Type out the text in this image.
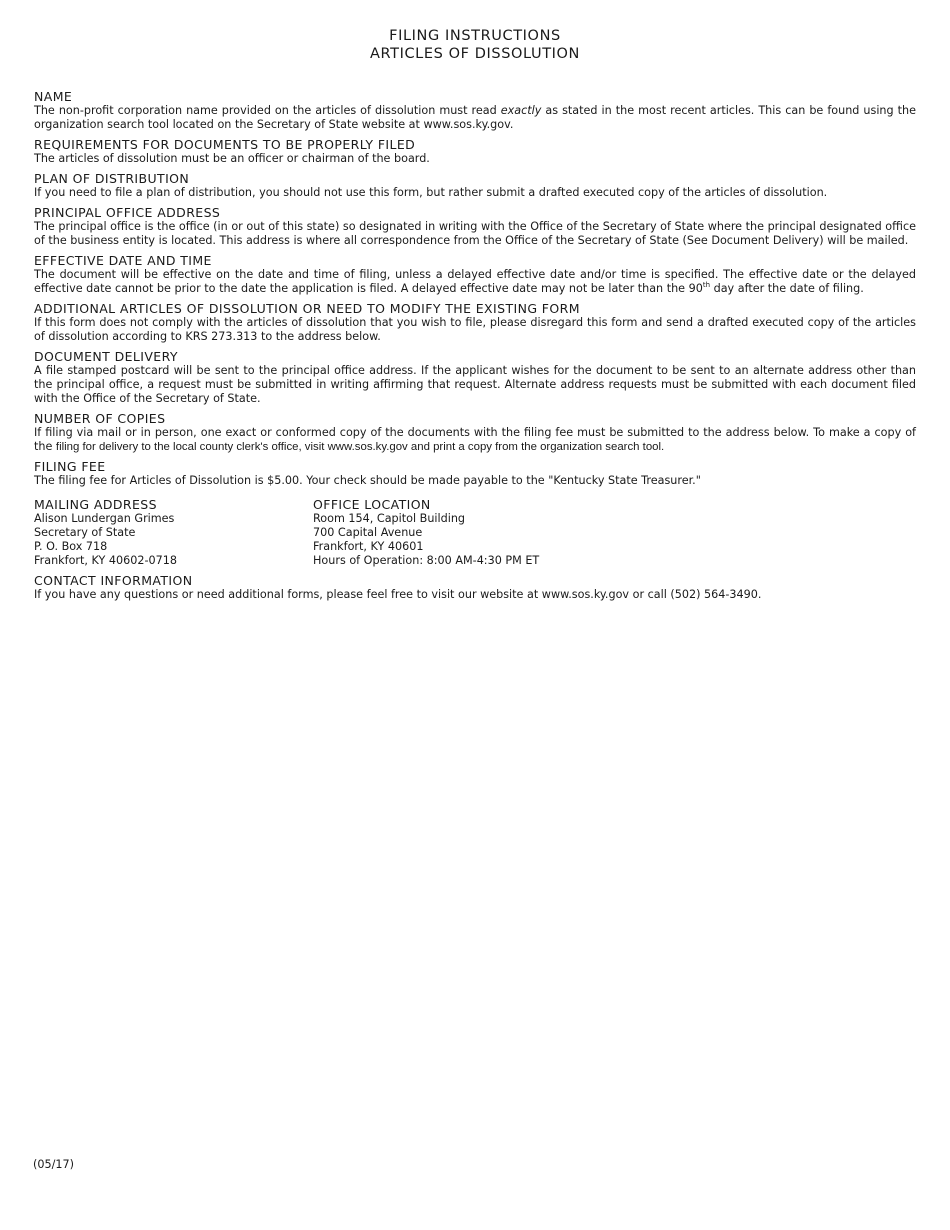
FILING INSTRUCTIONS
ARTICLES OF DISSOLUTION
NAME
The non-profit corporation name provided on the articles of dissolution must read exactly as stated in the most recent articles. This can be found using the organization search tool located on the Secretary of State website at www.sos.ky.gov.
REQUIREMENTS FOR DOCUMENTS TO BE PROPERLY FILED
The articles of dissolution must be an officer or chairman of the board.
PLAN OF DISTRIBUTION
If you need to file a plan of distribution, you should not use this form, but rather submit a drafted executed copy of the articles of dissolution.
PRINCIPAL OFFICE ADDRESS
The principal office is the office (in or out of this state) so designated in writing with the Office of the Secretary of State where the principal designated office of the business entity is located. This address is where all correspondence from the Office of the Secretary of State (See Document Delivery) will be mailed.
EFFECTIVE DATE AND TIME
The document will be effective on the date and time of filing, unless a delayed effective date and/or time is specified. The effective date or the delayed effective date cannot be prior to the date the application is filed. A delayed effective date may not be later than the 90th day after the date of filing.
ADDITIONAL ARTICLES OF DISSOLUTION OR NEED TO MODIFY THE EXISTING FORM
If this form does not comply with the articles of dissolution that you wish to file, please disregard this form and send a drafted executed copy of the articles of dissolution according to KRS 273.313 to the address below.
DOCUMENT DELIVERY
A file stamped postcard will be sent to the principal office address. If the applicant wishes for the document to be sent to an alternate address other than the principal office, a request must be submitted in writing affirming that request. Alternate address requests must be submitted with each document filed with the Office of the Secretary of State.
NUMBER OF COPIES
If filing via mail or in person, one exact or conformed copy of the documents with the filing fee must be submitted to the address below. To make a copy of the filing for delivery to the local county clerk's office, visit www.sos.ky.gov and print a copy from the organization search tool.
FILING FEE
The filing fee for Articles of Dissolution is $5.00. Your check should be made payable to the "Kentucky State Treasurer."
MAILING ADDRESS
Alison Lundergan Grimes
Secretary of State
P. O. Box 718
Frankfort, KY 40602-0718
OFFICE LOCATION
Room 154, Capitol Building
700 Capital Avenue
Frankfort, KY 40601
Hours of Operation: 8:00 AM-4:30 PM ET
CONTACT INFORMATION
If you have any questions or need additional forms, please feel free to visit our website at www.sos.ky.gov or call (502) 564-3490.
(05/17)
